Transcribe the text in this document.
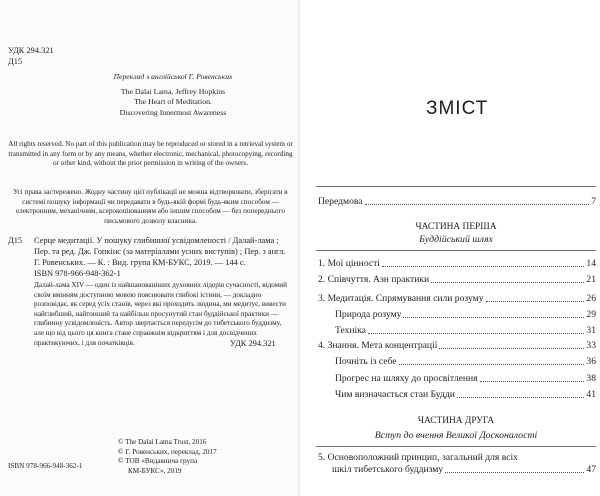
УДК 294.321
Д15
Переклад з англійської Г. Ровенських
The Dalai Lama, Jeffrey Hopkins
The Heart of Meditation.
Discovering Innermost Awareness
All rights reserved. No part of this publication may be reproduced or stored in a retrieval system or transmitted in any form or by any means, whether electronic, mechanical, photocopying, recording or other kind, without the prior permission in writing of the owners.
Усі права застережено. Жодну частину цієї публікації не можна відтворювати, зберігати в системі пошуку інформації чи передавати в будь-якій формі будь-яким способом — електронним, механічним, ксерокопіюванням або іншим способом — без попереднього письмового дозволу власника.
Д15	Серце медитації. У пошуку глибинної усвідомленості / Далай-лама ; Пер. та ред. Дж. Гопкінс (за матеріалами усних виступів) ; Пер. з англ. Г. Ровенських. — К. : Вид. група КМ-БУКС, 2019. — 144 с.
ISBN 978-966-948-362-1
Далай-лама XIV — один із найшанованіших духовних лідерів сучасності, відомий своїм вмінням доступною мовою пояснювати глибокі істини, — докладно розповідає, як серед усіх станів, через які проходить людина, ми медитує, вивести найглибший, найтонший та найбільш просунутий стан буддійської практики — глибинну усвідомленість. Автор звертається передусім до тибетського буддизму, але що від цього ця книга стане справжнім відкриттям і для досвідчених практикуючих, і для початківців.	УДК 294.321
© The Dalai Lama Trust, 2016
© Г. Ровенських, переклад, 2017
© ТОВ «Видавнича група
КМ-БУКС», 2019
ISBN 978-966-948-362-1
ЗМІСТ
Передмова	7
ЧАСТИНА ПЕРША
Буддійський шлях
1. Мої цінності	14
2. Співчуття. Азн практики	21
3. Медитація. Спрямування сили розуму	26
Природа розуму	29
Техніка	31
4. Знання. Мета концентрації	33
Почніть із себе	36
Прогрес на шляху до просвітлення	38
Чим визначається стан Будди	41
ЧАСТИНА ДРУГА
Вступ до вчення Великої Досконалості
5. Основоположний принцип, загальний для всіх
шкіл тибетського буддизму	47
